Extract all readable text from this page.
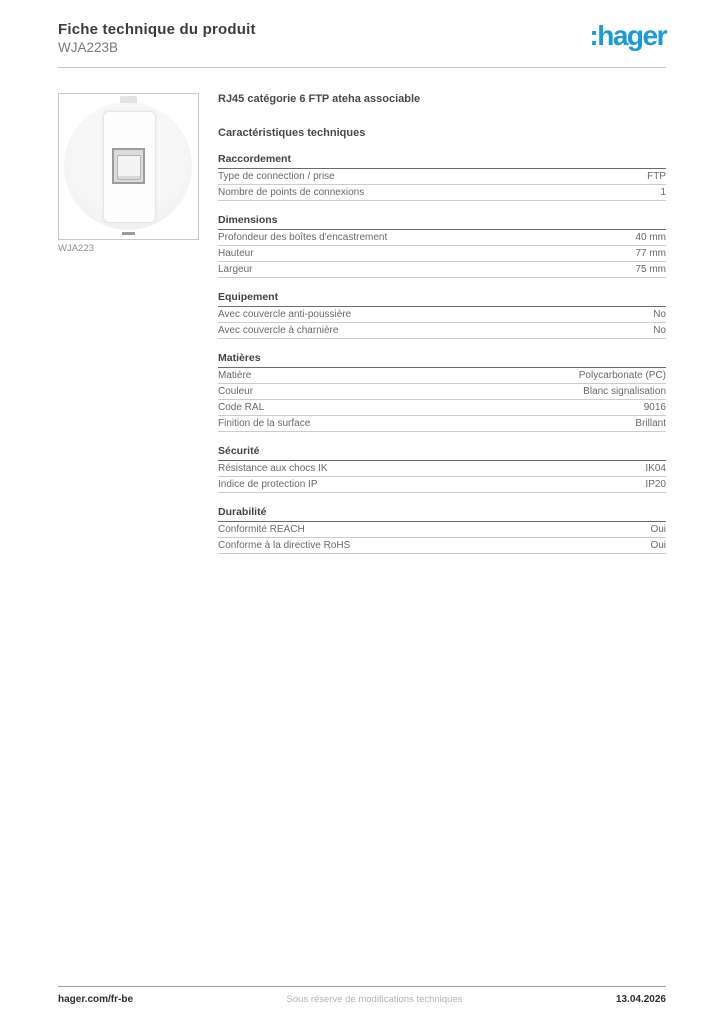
Fiche technique du produit
WJA223B	:hager
WJA223
RJ45 catégorie 6 FTP ateha associable
Caractéristiques techniques
Raccordement
Type de connection / prise	FTP
Nombre de points de connexions	1
Dimensions
Profondeur des boîtes d'encastrement	40 mm
Hauteur	77 mm
Largeur	75 mm
Equipement
Avec couvercle anti-poussière	No
Avec couvercle à charnière	No
Matières
Matière	Polycarbonate (PC)
Couleur	Blanc signalisation
Code RAL	9016
Finition de la surface	Brillant
Sécurité
Résistance aux chocs IK	IK04
Indice de protection IP	IP20
Durabilité
Conformité REACH	Oui
Conforme à la directive RoHS	Oui
hager.com/fr-be	Sous réserve de modifications techniques	13.04.2026
